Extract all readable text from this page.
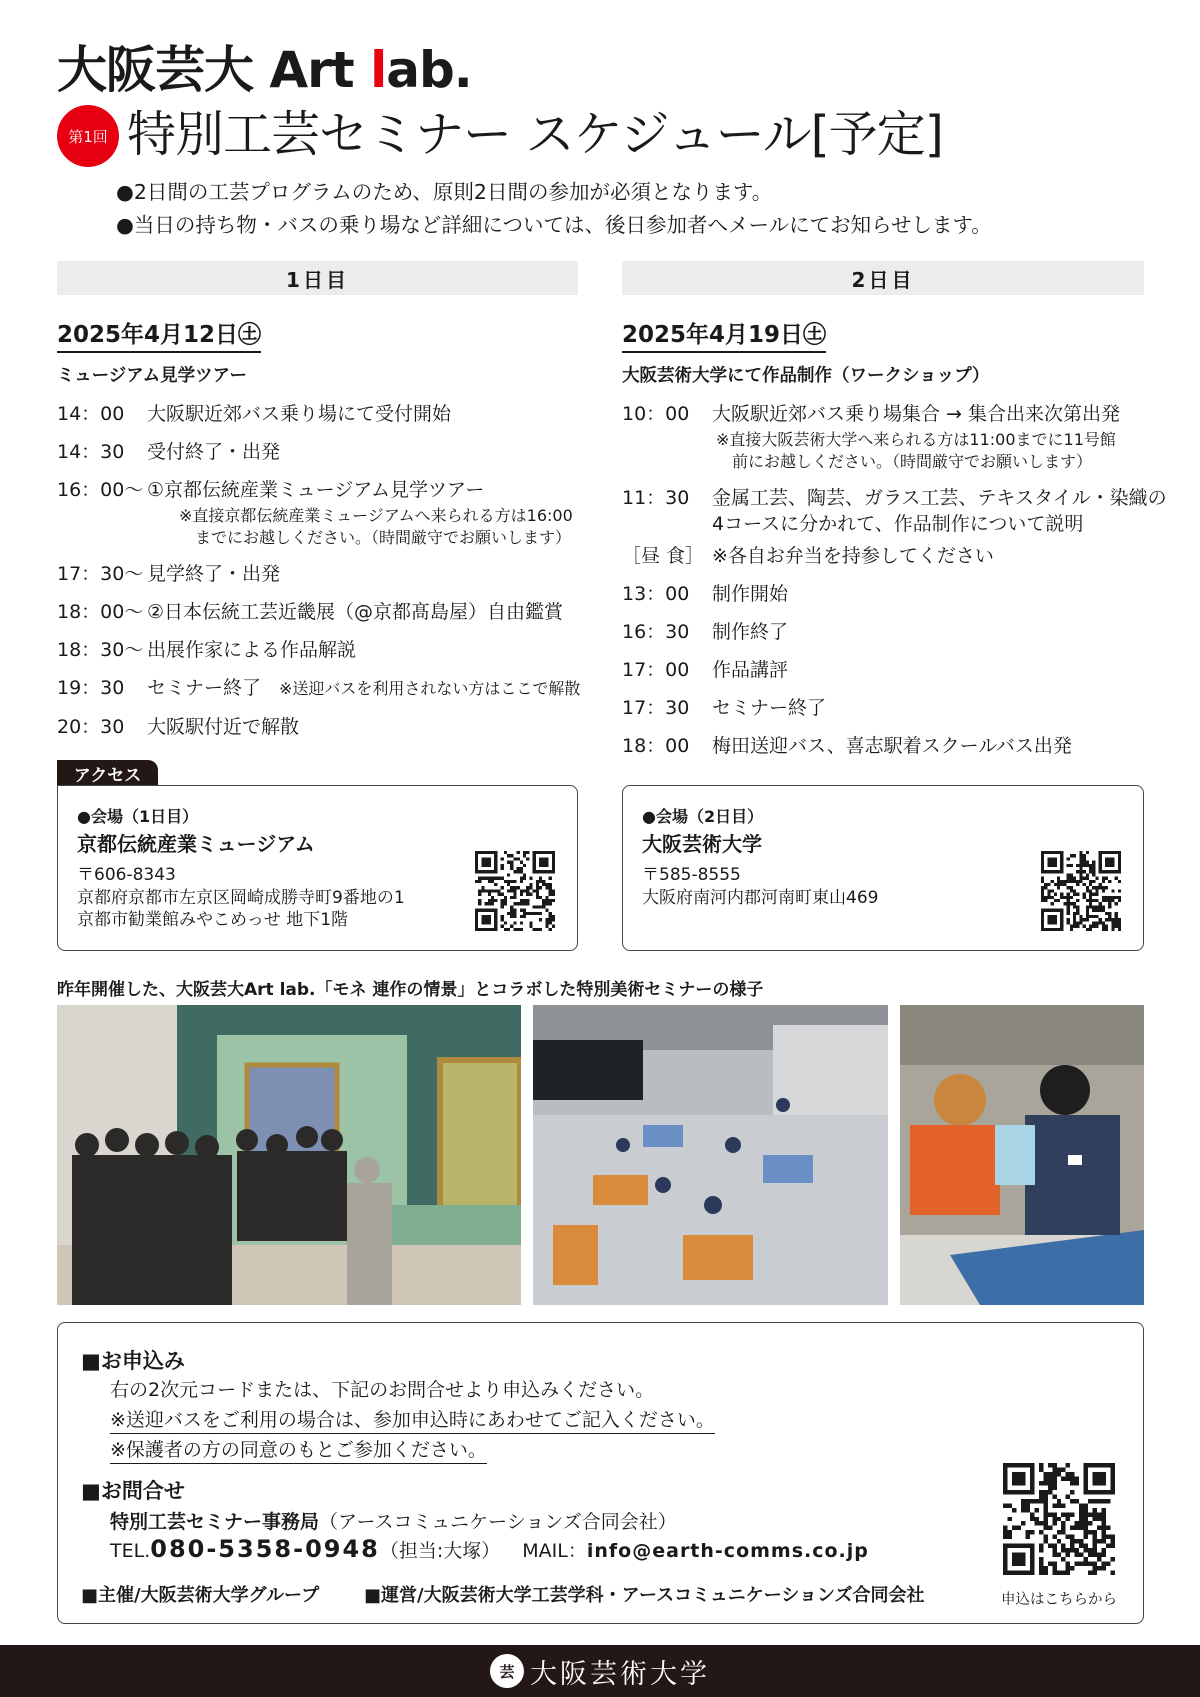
大阪芸大 Art lab.
第1回 特別工芸セミナー スケジュール[予定]
●2日間の工芸プログラムのため、原則2日間の参加が必須となります。
●当日の持ち物・バスの乗り場など詳細については、後日参加者へメールにてお知らせします。
1日目	2日目
2025年4月12日㊏
ミュージアム見学ツアー
14：00	大阪駅近郊バス乗り場にて受付開始
14：30	受付終了・出発
16：00〜 ①京都伝統産業ミュージアム見学ツアー
※直接京都伝統産業ミュージアムへ来られる方は16:00
　までにお越しください。（時間厳守でお願いします）
17：30〜 見学終了・出発
18：00〜 ②日本伝統工芸近畿展（@京都髙島屋）自由鑑賞
18：30〜 出展作家による作品解説
19：30	セミナー終了 ※送迎バスを利用されない方はここで解散
20：30	大阪駅付近で解散
2025年4月19日㊏
大阪芸術大学にて作品制作（ワークショップ）
10：00	大阪駅近郊バス乗り場集合 → 集合出来次第出発
※直接大阪芸術大学へ来られる方は11:00までに11号館
　前にお越しください。（時間厳守でお願いします）
11：30	金属工芸、陶芸、ガラス工芸、テキスタイル・染織の
4コースに分かれて、作品制作について説明
［昼 食］ ※各自お弁当を持参してください
13：00	制作開始
16：30	制作終了
17：00	作品講評
17：30	セミナー終了
18：00	梅田送迎バス、喜志駅着スクールバス出発
アクセス
●会場（1日目）
京都伝統産業ミュージアム
〒606-8343
京都府京都市左京区岡崎成勝寺町9番地の1
京都市勧業館みやこめっせ 地下1階
●会場（2日目）
大阪芸術大学
〒585-8555
大阪府南河内郡河南町東山469
昨年開催した、大阪芸大Art lab.「モネ 連作の情景」とコラボした特別美術セミナーの様子
■お申込み
右の2次元コードまたは、下記のお問合せより申込みください。
※送迎バスをご利用の場合は、参加申込時にあわせてご記入ください。
※保護者の方の同意のもとご参加ください。
■お問合せ
特別工芸セミナー事務局（アースコミュニケーションズ合同会社）
TEL.080-5358-0948（担当:大塚） MAIL：info@earth-comms.co.jp
■主催/大阪芸術大学グループ ■運営/大阪芸術大学工芸学科・アースコミュニケーションズ合同会社	申込はこちらから
芸 大阪芸術大学
